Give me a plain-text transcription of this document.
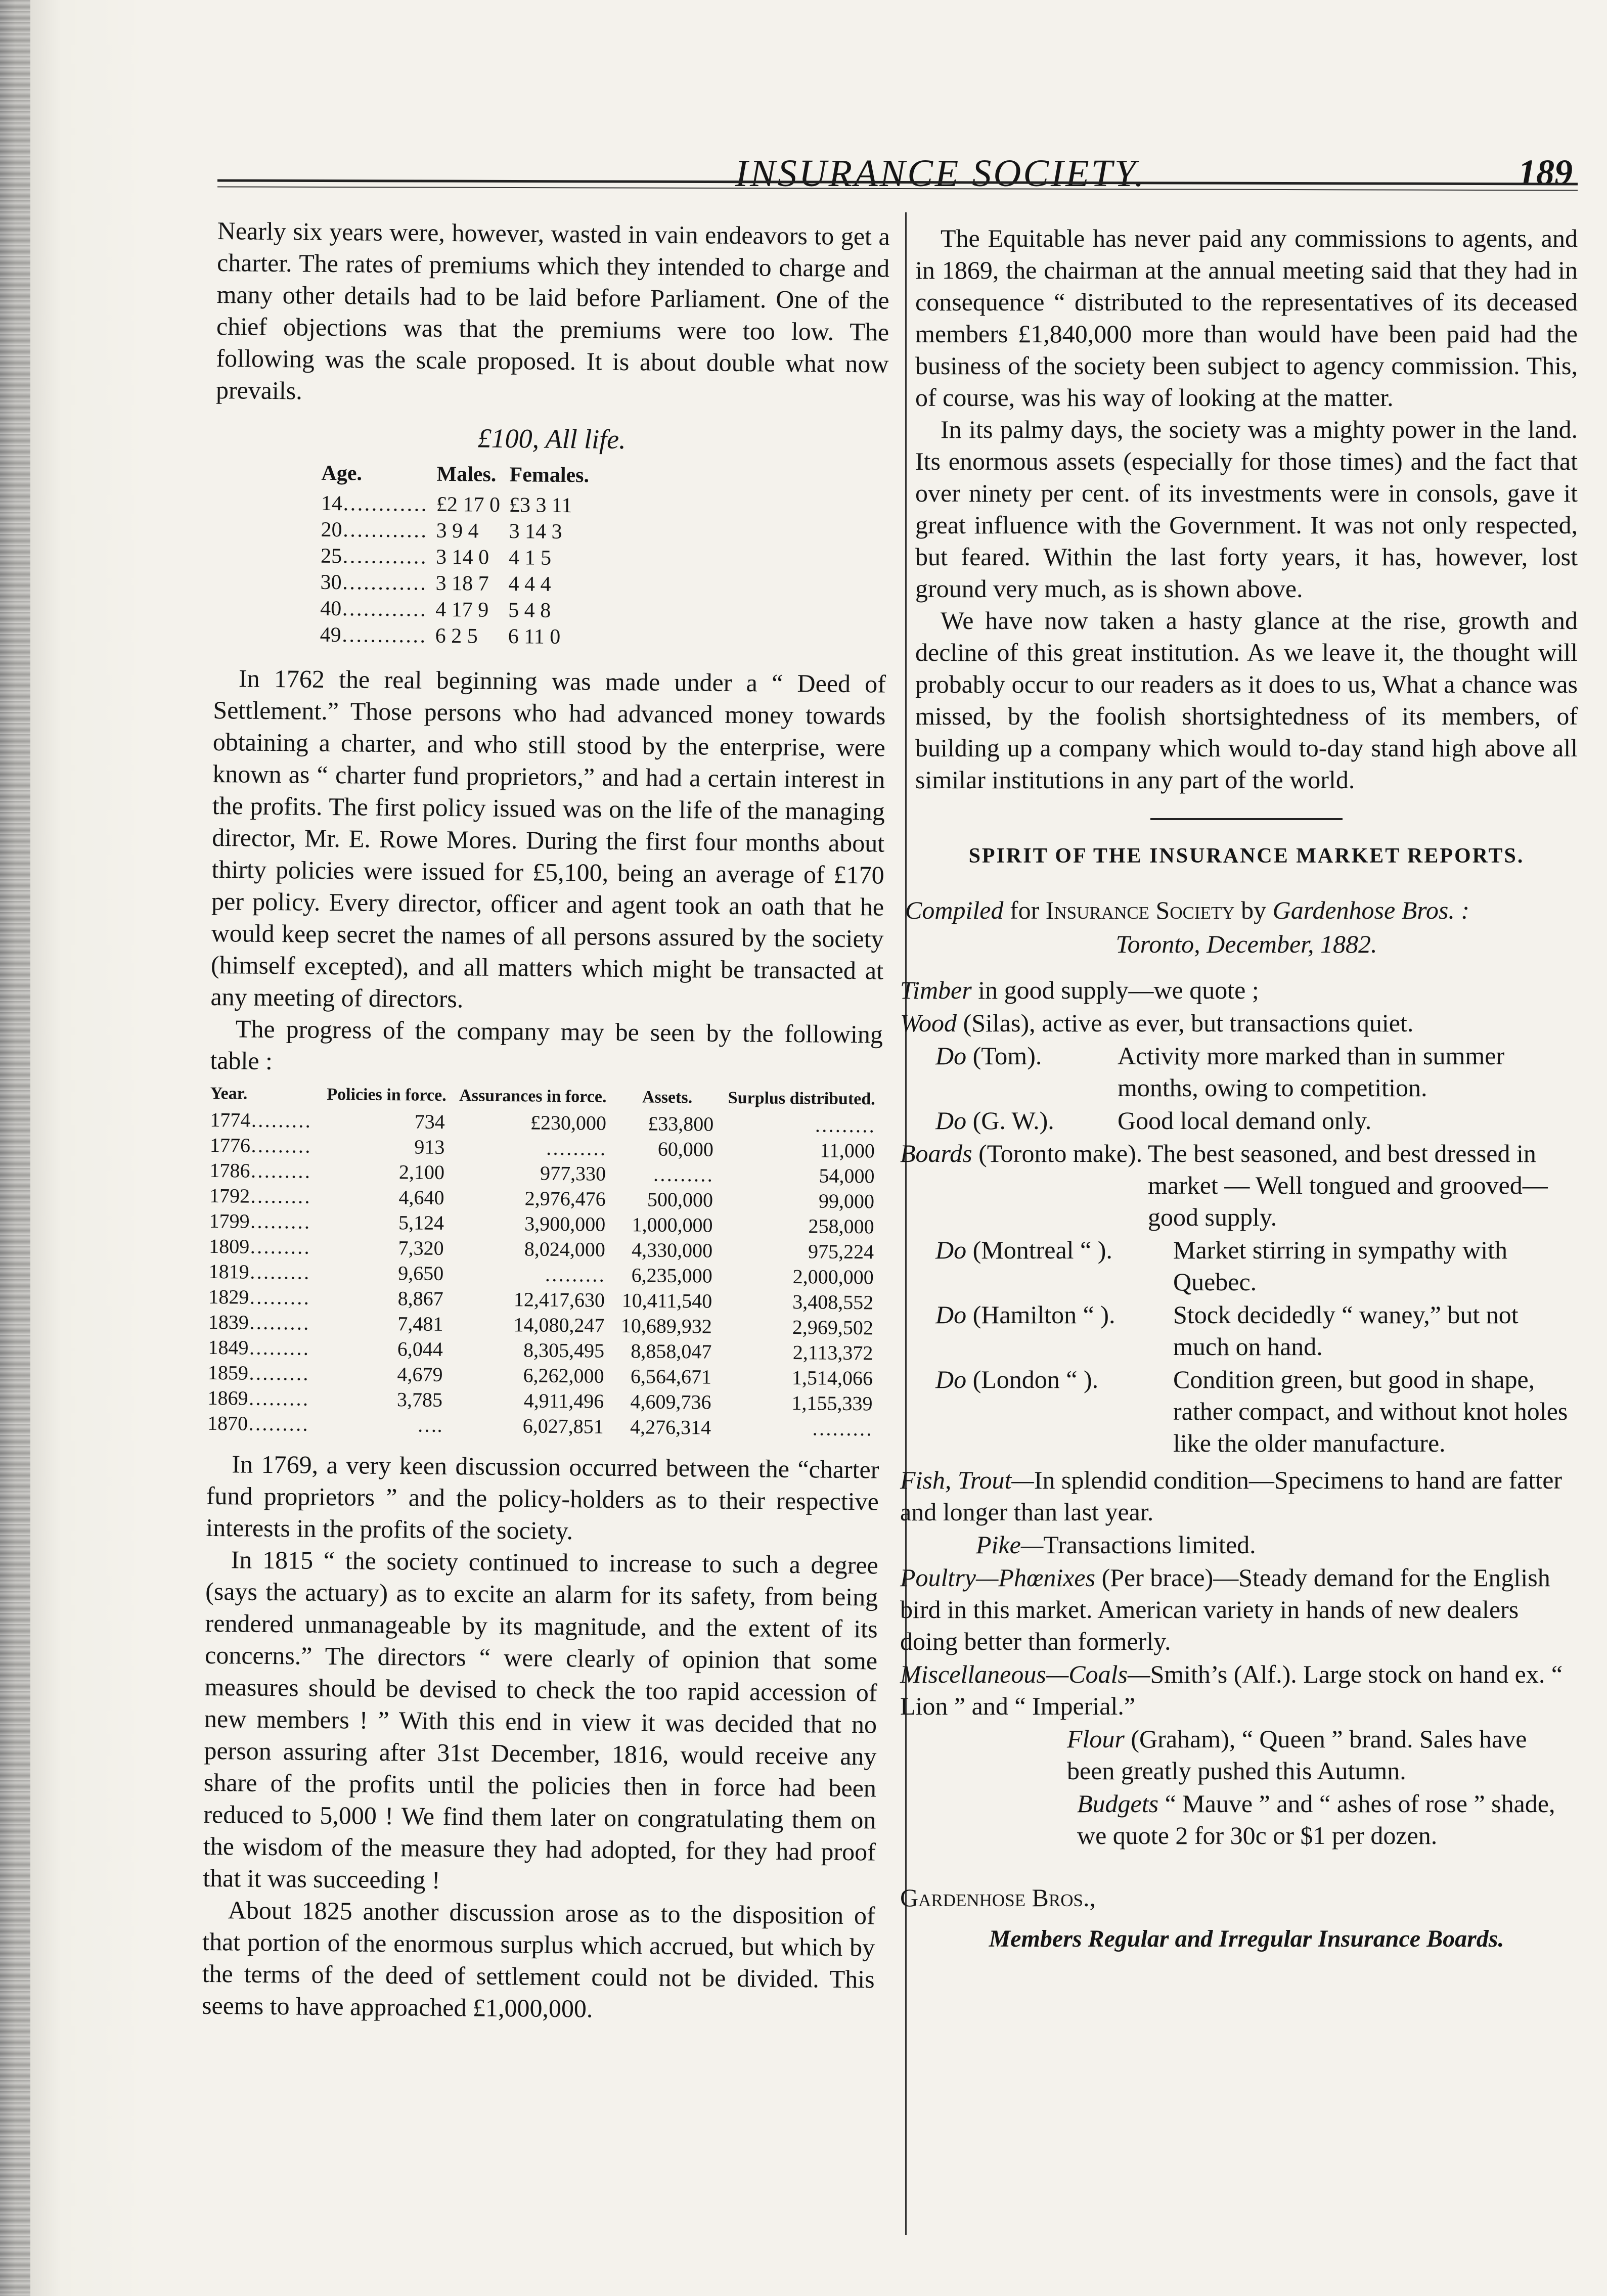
INSURANCE SOCIETY.	189

Nearly six years were, however, wasted in vain endeavors to get a charter. The rates of premiums which they intended to charge and many other details had to be laid before Parliament. One of the chief objections was that the premiums were too low. The following was the scale proposed. It is about double what now prevails.

£100, All life.
Age.	Males.	Females.
14…………	£2 17 0	£3 3 11
20…………	3 9 4	3 14 3
25…………	3 14 0	4 1 5
30…………	3 18 7	4 4 4
40…………	4 17 9	5 4 8
49…………	6 2 5	6 11 0

In 1762 the real beginning was made under a “ Deed of Settlement.” Those persons who had advanced money towards obtaining a charter, and who still stood by the enterprise, were known as “ charter fund proprietors,” and had a certain interest in the profits. The first policy issued was on the life of the managing director, Mr. E. Rowe Mores. During the first four months about thirty policies were issued for £5,100, being an average of £170 per policy. Every director, officer and agent took an oath that he would keep secret the names of all persons assured by the society (himself excepted), and all matters which might be transacted at any meeting of directors.

The progress of the company may be seen by the following table :

Year.	Policies in force.	Assurances in force.	Assets.	Surplus distributed.
1774………	734	£230,000	£33,800	………
1776………	913	………	60,000	11,000
1786………	2,100	977,330	………	54,000
1792………	4,640	2,976,476	500,000	99,000
1799………	5,124	3,900,000	1,000,000	258,000
1809………	7,320	8,024,000	4,330,000	975,224
1819………	9,650	………	6,235,000	2,000,000
1829………	8,867	12,417,630	10,411,540	3,408,552
1839………	7,481	14,080,247	10,689,932	2,969,502
1849………	6,044	8,305,495	8,858,047	2,113,372
1859………	4,679	6,262,000	6,564,671	1,514,066
1869………	3,785	4,911,496	4,609,736	1,155,339
1870………	….	6,027,851	4,276,314	………

In 1769, a very keen discussion occurred between the “charter fund proprietors ” and the policy-holders as to their respective interests in the profits of the society.

In 1815 “ the society continued to increase to such a degree (says the actuary) as to excite an alarm for its safety, from being rendered unmanageable by its magnitude, and the extent of its concerns.” The directors “ were clearly of opinion that some measures should be devised to check the too rapid accession of new members ! ” With this end in view it was decided that no person assuring after 31st December, 1816, would receive any share of the profits until the policies then in force had been reduced to 5,000 ! We find them later on congratulating them on the wisdom of the measure they had adopted, for they had proof that it was succeeding !

About 1825 another discussion arose as to the disposition of that portion of the enormous surplus which accrued, but which by the terms of the deed of settlement could not be divided. This seems to have approached £1,000,000.

The Equitable has never paid any commissions to agents, and in 1869, the chairman at the annual meeting said that they had in consequence “ distributed to the representatives of its deceased members £1,840,000 more than would have been paid had the business of the society been subject to agency commission. This, of course, was his way of looking at the matter.

In its palmy days, the society was a mighty power in the land. Its enormous assets (especially for those times) and the fact that over ninety per cent. of its investments were in consols, gave it great influence with the Government. It was not only respected, but feared. Within the last forty years, it has, however, lost ground very much, as is shown above.

We have now taken a hasty glance at the rise, growth and decline of this great institution. As we leave it, the thought will probably occur to our readers as it does to us, What a chance was missed, by the foolish shortsightedness of its members, of building up a company which would to-day stand high above all similar institutions in any part of the world.

SPIRIT OF THE INSURANCE MARKET REPORTS.
Compiled for Insurance Society by Gardenhose Bros. :
Toronto, December, 1882.
Timber in good supply—we quote ;
Wood (Silas), active as ever, but transactions quiet.
Do (Tom).	Activity more marked than in summer months, owing to competition.
Do (G. W.).	Good local demand only.
Boards (Toronto make). The best seasoned, and best dressed in market — Well tongued and grooved—good supply.
Do (Montreal “ ).	Market stirring in sympathy with Quebec.
Do (Hamilton “ ).	Stock decidedly “ waney,” but not much on hand.
Do (London “ ).	Condition green, but good in shape, rather compact, and without knot holes like the older manufacture.
Fish, Trout—In splendid condition—Specimens to hand are fatter and longer than last year.
Pike—Transactions limited.
Poultry—Phœnixes (Per brace)—Steady demand for the English bird in this market. American variety in hands of new dealers doing better than formerly.
Miscellaneous—Coals—Smith’s (Alf.). Large stock on hand ex. “ Lion ” and “ Imperial.”
Flour (Graham), “ Queen ” brand. Sales have been greatly pushed this Autumn.
Budgets “ Mauve ” and “ ashes of rose ” shade, we quote 2 for 30c or $1 per dozen.
Gardenhose Bros.,
Members Regular and Irregular Insurance Boards.
